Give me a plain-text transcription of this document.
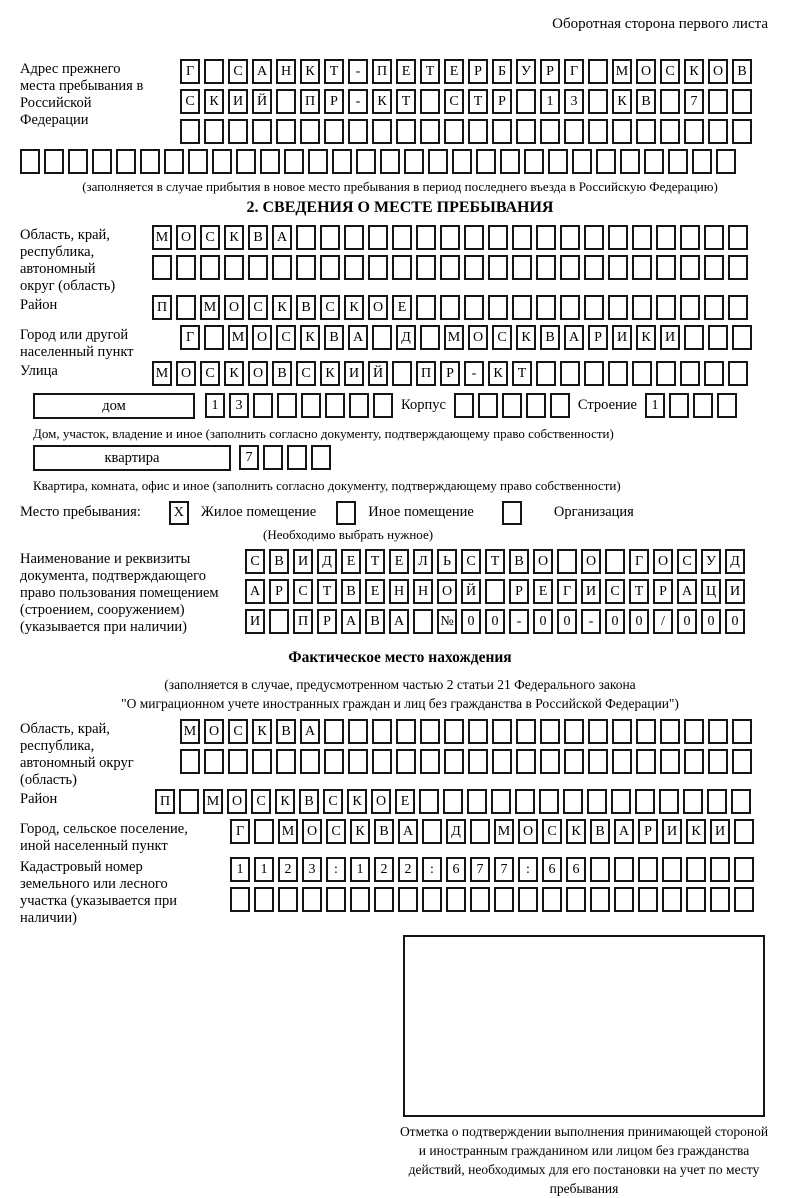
Оборотная сторона первого листа
Адрес прежнего места пребывания в Российской Федерации
Г	С	А Н	К	Т	-	П	Е	Т	Е	Р	Б	У	Р	Г	М О	С	К	О	В
С	К	И Й	П	Р	-	К	Т	С	Т	Р	1	3	К	В	7
(заполняется в случае прибытия в новое место пребывания в период последнего въезда в Российскую Федерацию)
2. СВЕДЕНИЯ О МЕСТЕ ПРЕБЫВАНИЯ
Область, край, республика, автономный округ (область)
М О	С	К	В	А
Район	П	М О	С	К	В	С	К	О	Е
Город или другой населенный пункт
Г	М О	С	К	В	А	Д	М О	С	К	В	А	Р	И	К	И
Улица	М О	С	К	О	В	С	К	И Й	П	Р	-	К	Т
дом	1	3	Корпус	Строение	1
Дом, участок, владение и иное (заполнить согласно документу, подтверждающему право собственности)
квартира	7
Квартира, комната, офис и иное (заполнить согласно документу, подтверждающему право собственности)
Место пребывания:	X	Жилое помещение	Иное помещение	Организация
(Необходимо выбрать нужное)
Наименование и реквизиты документа, подтверждающего право пользования помещением (строением, сооружением) (указывается при наличии)
С	В	И	Д	Е	Т	Е	Л	Ь	С	Т	В	О	О	Г	О	С	У	Д
А	Р	С	Т	В	Е	Н Н О Й	Р	Е	Г	И	С	Т	Р	А Ц И
И	П	Р	А	В	А	№ 0	0	-	0	0	-	0	0	/	0	0	0
Фактическое место нахождения
(заполняется в случае, предусмотренном частью 2 статьи 21 Федерального закона
"О миграционном учете иностранных граждан и лиц без гражданства в Российской Федерации")
Область, край, республика, автономный округ (область)
М О	С	К	В	А
Район	П	М О	С	К	В	С	К	О	Е
Город, сельское поселение, иной населенный пункт
Г	М О	С	К	В	А	Д	М О	С	К	В	А	Р	И	К	И
Кадастровый номер земельного или лесного участка (указывается при наличии)
1	1	2	3	:	1	2	2	:	6	7	7	:	6	6
Отметка о подтверждении выполнения принимающей стороной и иностранным гражданином или лицом без гражданства действий, необходимых для его постановки на учет по месту пребывания
